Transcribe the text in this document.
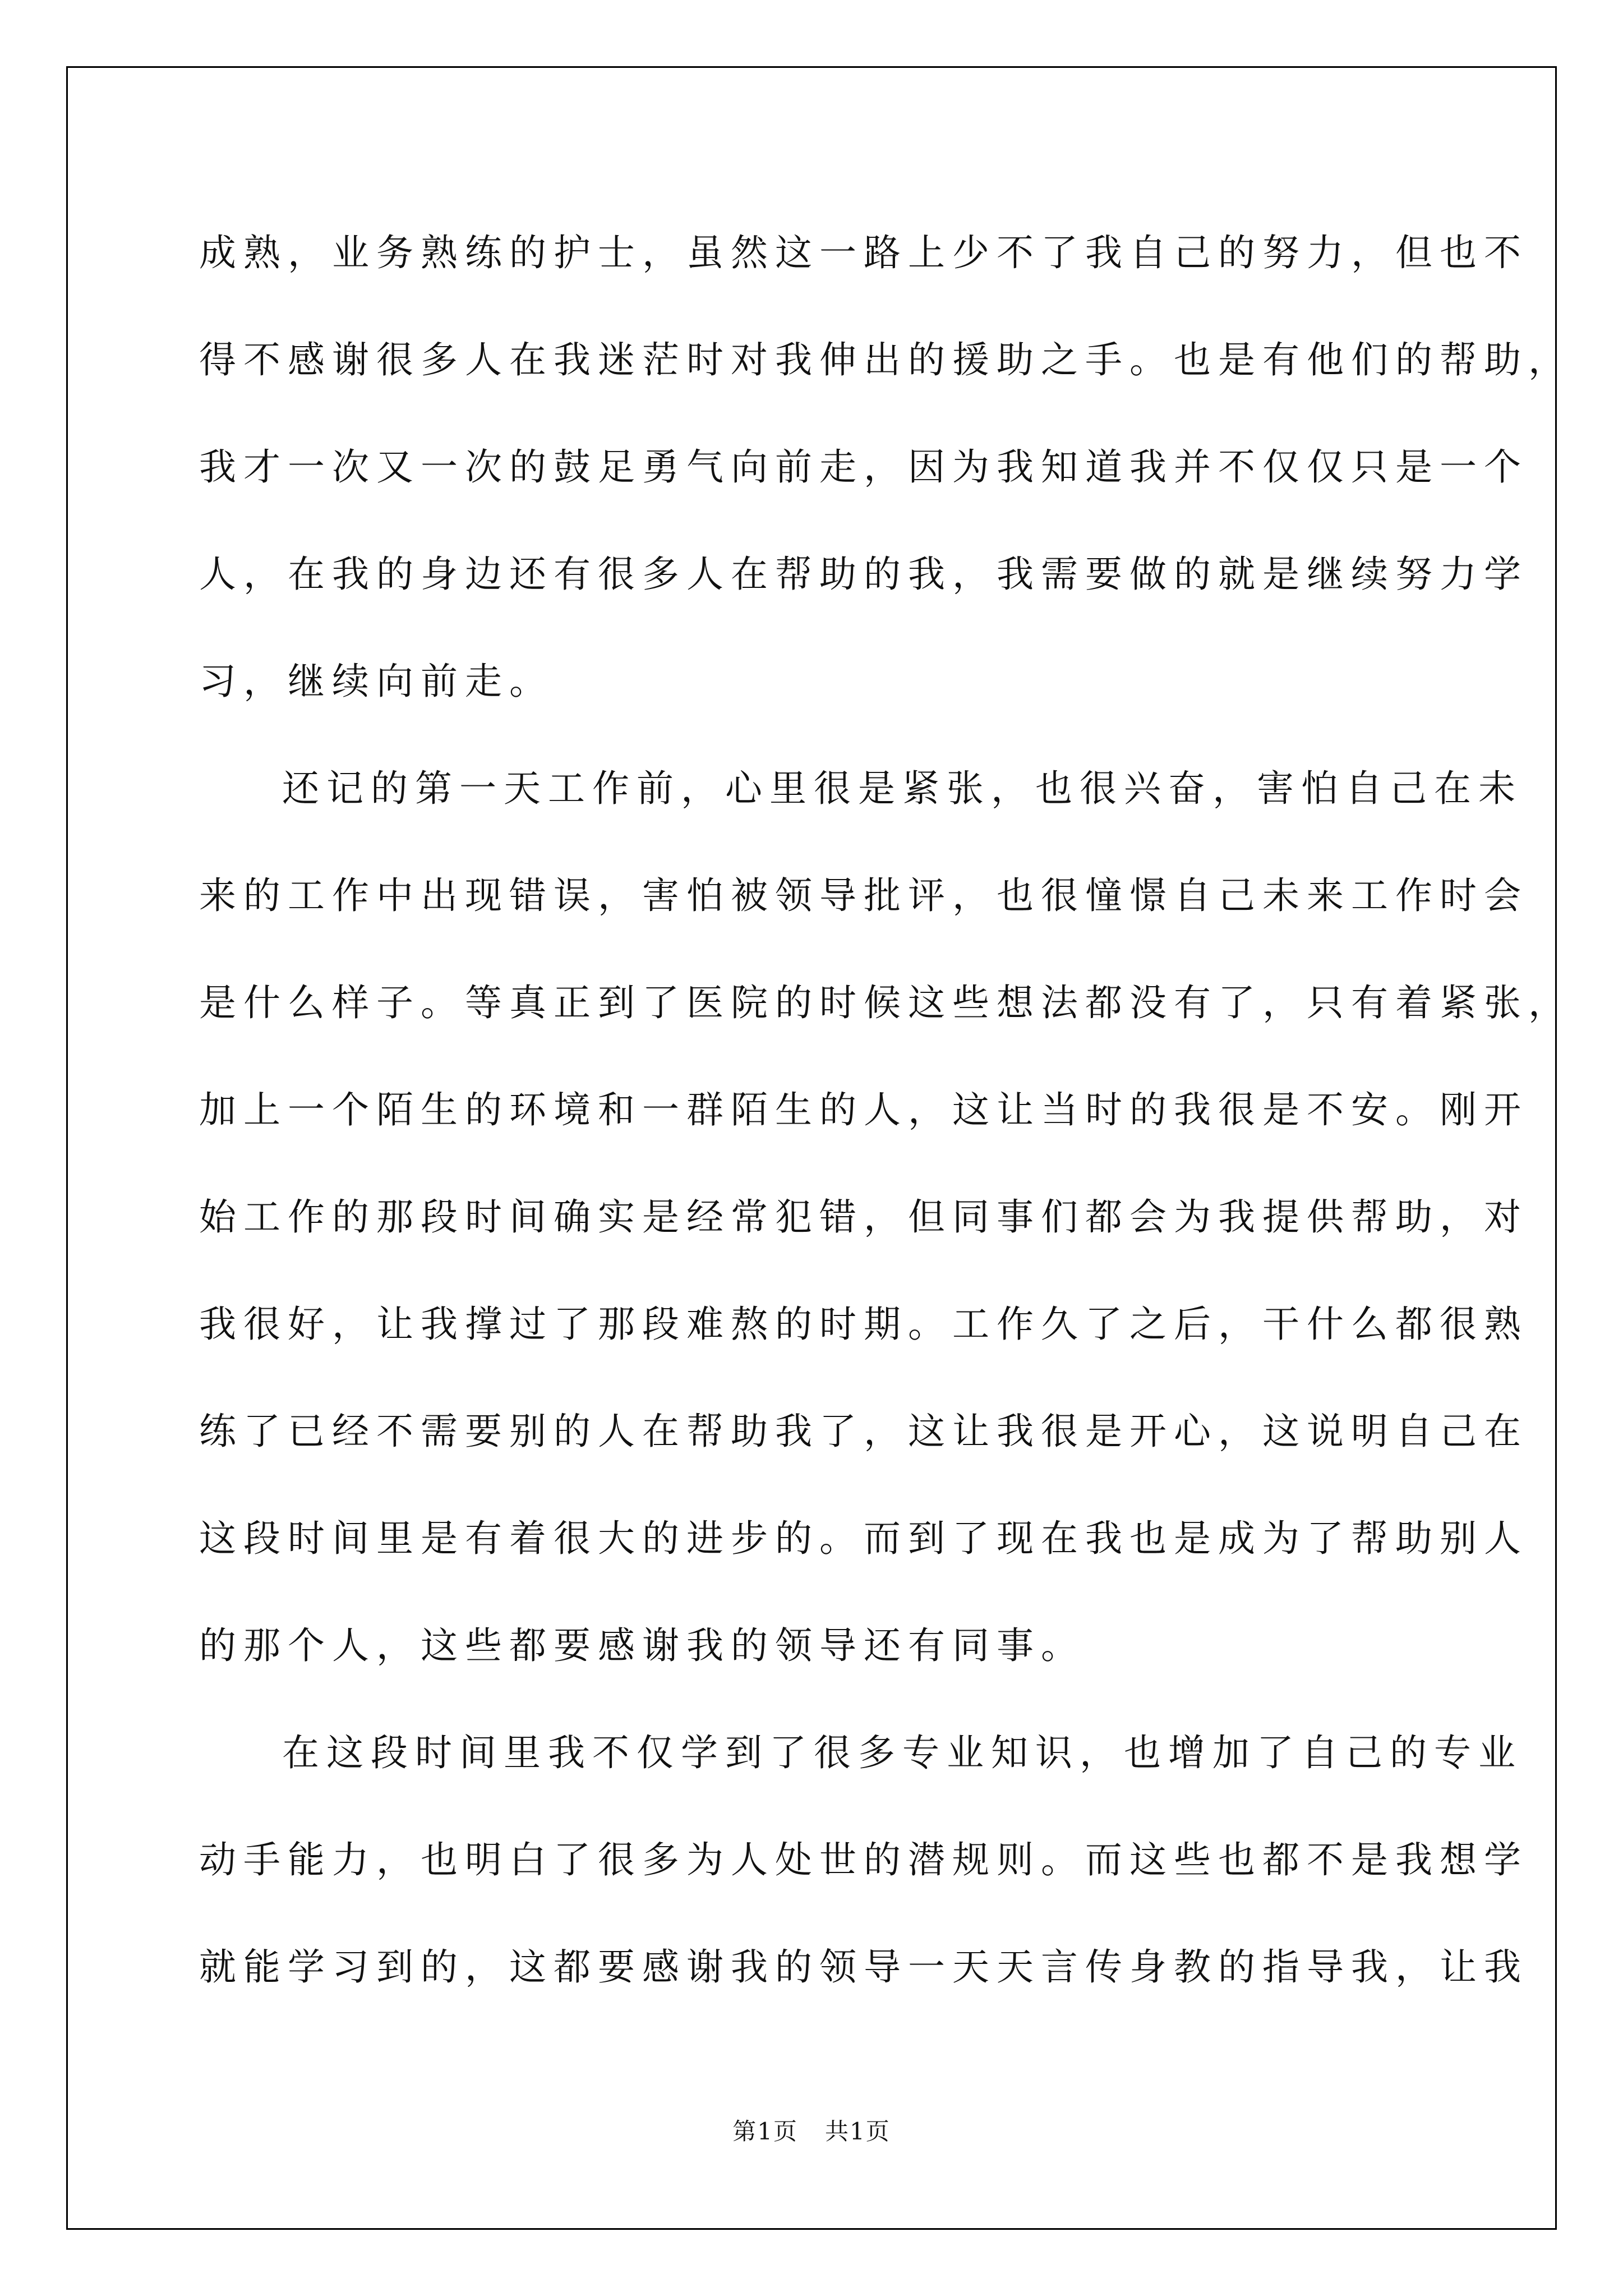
成熟，业务熟练的护士，虽然这一路上少不了我自己的努力，但也不

得不感谢很多人在我迷茫时对我伸出的援助之手。也是有他们的帮助，

我才一次又一次的鼓足勇气向前走，因为我知道我并不仅仅只是一个

人，在我的身边还有很多人在帮助的我，我需要做的就是继续努力学

习，继续向前走。

还记的第一天工作前，心里很是紧张，也很兴奋，害怕自己在未

来的工作中出现错误，害怕被领导批评，也很憧憬自己未来工作时会

是什么样子。等真正到了医院的时候这些想法都没有了，只有着紧张，

加上一个陌生的环境和一群陌生的人，这让当时的我很是不安。刚开

始工作的那段时间确实是经常犯错，但同事们都会为我提供帮助，对

我很好，让我撑过了那段难熬的时期。工作久了之后，干什么都很熟

练了已经不需要别的人在帮助我了，这让我很是开心，这说明自己在

这段时间里是有着很大的进步的。而到了现在我也是成为了帮助别人

的那个人，这些都要感谢我的领导还有同事。

在这段时间里我不仅学到了很多专业知识，也增加了自己的专业

动手能力，也明白了很多为人处世的潜规则。而这些也都不是我想学

就能学习到的，这都要感谢我的领导一天天言传身教的指导我，让我

第1页 共1页
